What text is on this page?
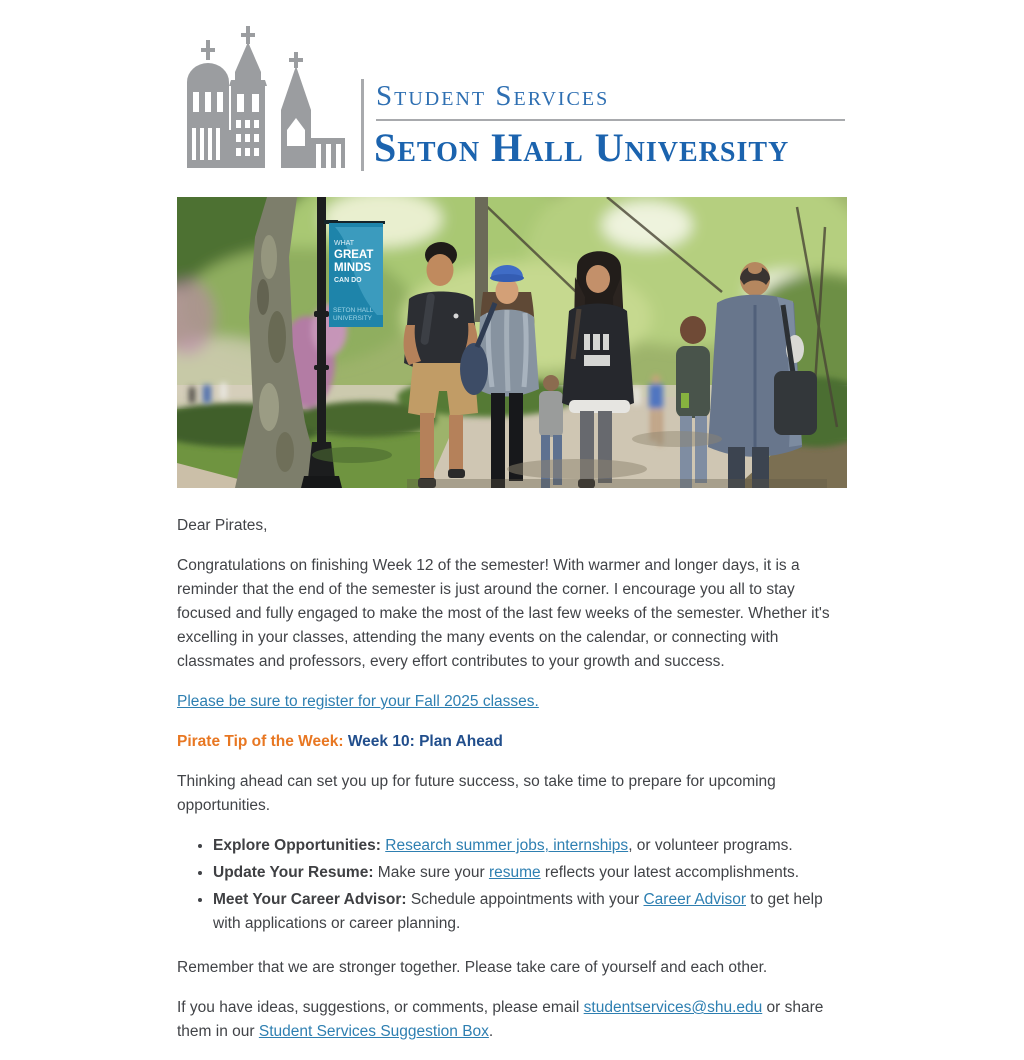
Student Services
Seton Hall University
WHAT
GREAT
MINDS
CAN DO
SETON HALL
UNIVERSITY

Dear Pirates,

Congratulations on finishing Week 12 of the semester! With warmer and longer days, it is a reminder that the end of the semester is just around the corner. I encourage you all to stay focused and fully engaged to make the most of the last few weeks of the semester. Whether it's excelling in your classes, attending the many events on the calendar, or connecting with classmates and professors, every effort contributes to your growth and success.

Please be sure to register for your Fall 2025 classes.

Pirate Tip of the Week: Week 10: Plan Ahead

Thinking ahead can set you up for future success, so take time to prepare for upcoming opportunities.

• Explore Opportunities: Research summer jobs, internships, or volunteer programs.
• Update Your Resume: Make sure your resume reflects your latest accomplishments.
• Meet Your Career Advisor: Schedule appointments with your Career Advisor to get help with applications or career planning.

Remember that we are stronger together. Please take care of yourself and each other.

If you have ideas, suggestions, or comments, please email studentservices@shu.edu or share them in our Student Services Suggestion Box.
